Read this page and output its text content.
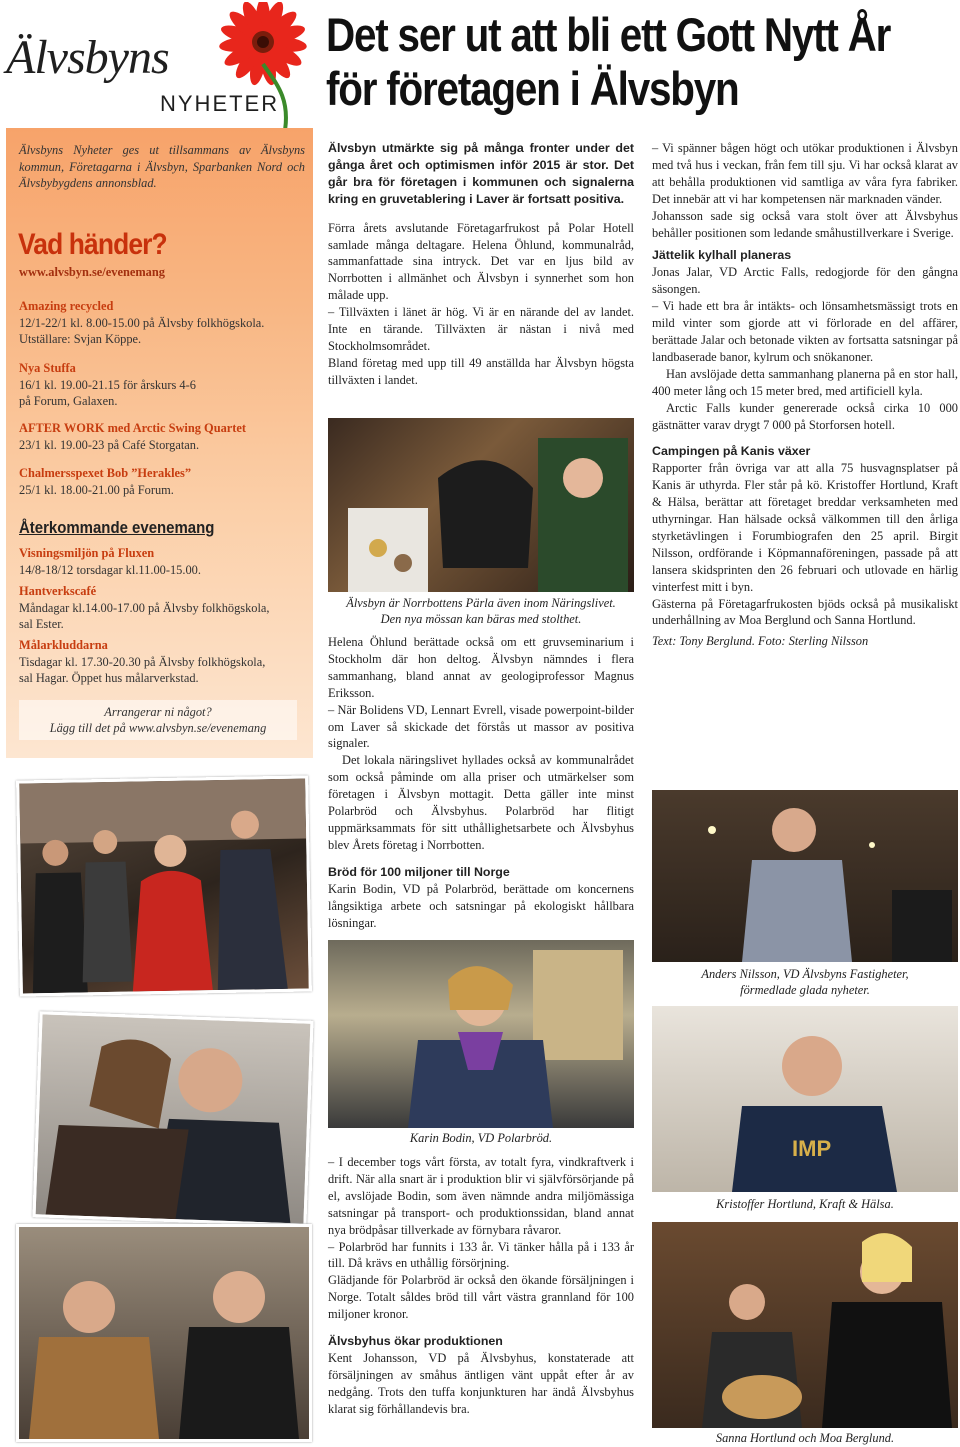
Älvsbyns
NYHETER
Det ser ut att bli ett Gott Nytt År
för företagen i Älvsbyn
Älvsbyns Nyheter ges ut tillsammans av Älvsbyns kommun, Företagarna i Älvsbyn, Sparbanken Nord och Älvsbybygdens annonsblad.
Vad händer?
www.alvsbyn.se/evenemang
Amazing recycled
12/1-22/1 kl. 8.00-15.00 på Älvsby folkhögskola.
Utställare: Svjan Köppe.
Nya Stuffa
16/1 kl. 19.00-21.15 för årskurs 4-6
på Forum, Galaxen.
AFTER WORK med Arctic Swing Quartet
23/1 kl. 19.00-23 på Café Storgatan.
Chalmersspexet Bob ”Herakles”
25/1 kl. 18.00-21.00 på Forum.
Återkommande evenemang
Visningsmiljön på Fluxen
14/8-18/12 torsdagar kl.11.00-15.00.
Hantverkscafé
Måndagar kl.14.00-17.00 på Älvsby folkhögskola,
sal Ester.
Målarkluddarna
Tisdagar kl. 17.30-20.30 på Älvsby folkhögskola,
sal Hagar. Öppet hus målarverkstad.
Arrangerar ni något?
Lägg till det på www.alvsbyn.se/evenemang

Älvsbyn utmärkte sig på många fronter under det gånga året och optimismen inför 2015 är stor. Det går bra för företagen i kommunen och signalerna kring en gruvetablering i Laver är fortsatt positiva.

Förra årets avslutande Företagarfrukost på Polar Hotell samlade många deltagare. Helena Öhlund, kommunalråd, sammanfattade sina intryck. Det var en ljus bild av Norrbotten i allmänhet och Älvsbyn i synnerhet som hon målade upp.

– Tillväxten i länet är hög. Vi är en närande del av landet. Inte en tärande. Tillväxten är nästan i nivå med Stockholmsområdet.

Bland företag med upp till 49 anställda har Älvsbyn högsta tillväxten i landet.

Älvsbyn är Norrbottens Pärla även inom Näringslivet.
Den nya mössan kan bäras med stolthet.

Helena Öhlund berättade också om ett gruvseminarium i Stockholm där hon deltog. Älvsbyn nämndes i flera sammanhang, bland annat av geologiprofessor Magnus Eriksson.

– När Bolidens VD, Lennart Evrell, visade powerpoint-bilder om Laver så skickade det förstås ut massor av positiva signaler.

Det lokala näringslivet hyllades också av kommunalrådet som också påminde om alla priser och utmärkelser som företagen i Älvsbyn mottagit. Detta gäller inte minst Polarbröd och Älvsbyhus. Polarbröd har flitigt uppmärksammats för sitt uthållighetsarbete och Älvsbyhus blev Årets företag i Norrbotten.

Bröd för 100 miljoner till Norge

Karin Bodin, VD på Polarbröd, berättade om koncernens långsiktiga arbete och satsningar på ekologiskt hållbara lösningar.

Karin Bodin, VD Polarbröd.

– I december togs vårt första, av totalt fyra, vindkraftverk i drift. När alla snart är i produktion blir vi självförsörjande på el, avslöjade Bodin, som även nämnde andra miljömässiga satsningar på transport- och produktionssidan, bland annat nya brödpåsar tillverkade av förnybara råvaror.

– Polarbröd har funnits i 133 år. Vi tänker hålla på i 133 år till. Då krävs en uthållig försörjning.

Glädjande för Polarbröd är också den ökande försäljningen i Norge. Totalt såldes bröd till vårt västra grannland för 100 miljoner kronor.

Älvsbyhus ökar produktionen

Kent Johansson, VD på Älvsbyhus, konstaterade att försäljningen av småhus äntligen vänt uppåt efter år av nedgång. Trots den tuffa konjunkturen har ändå Älvsbyhus klarat sig förhållandevis bra.

– Vi spänner bågen högt och utökar produktionen i Älvsbyn med två hus i veckan, från fem till sju. Vi har också klarat av att behålla produktionen vid samtliga av våra fyra fabriker. Det innebär att vi har kompetensen när marknaden vänder.

Johansson sade sig också vara stolt över att Älvsbyhus behåller positionen som ledande småhustillverkare i Sverige.

Jättelik kylhall planeras

Jonas Jalar, VD Arctic Falls, redogjorde för den gångna säsongen.

– Vi hade ett bra år intäkts- och lönsamhetsmässigt trots en mild vinter som gjorde att vi förlorade en del affärer, berättade Jalar och betonade vikten av fortsatta satsningar på landbaserade banor, kylrum och snökanoner.

Han avslöjade detta sammanhang planerna på en stor hall, 400 meter lång och 15 meter bred, med artificiell kyla.

Arctic Falls kunder genererade också cirka 10 000 gästnätter varav drygt 7 000 på Storforsen hotell.

Campingen på Kanis växer

Rapporter från övriga var att alla 75 husvagnsplatser på Kanis är uthyrda. Fler står på kö. Kristoffer Hortlund, Kraft & Hälsa, berättar att företaget breddar verksamheten med uthyrningar. Han hälsade också välkommen till den årliga styrketävlingen i Forumbiografen den 25 april. Birgit Nilsson, ordförande i Köpmannaföreningen, passade på att lansera skidsprinten den 26 februari och utlovade en härlig vinterfest mitt i byn.

Gästerna på Företagarfrukosten bjöds också på musikaliskt underhållning av Moa Berglund och Sanna Hortlund.

Text: Tony Berglund. Foto: Sterling Nilsson

Anders Nilsson, VD Älvsbyns Fastigheter,
förmedlade glada nyheter.
IMP
Kristoffer Hortlund, Kraft & Hälsa.
Sanna Hortlund och Moa Berglund.
